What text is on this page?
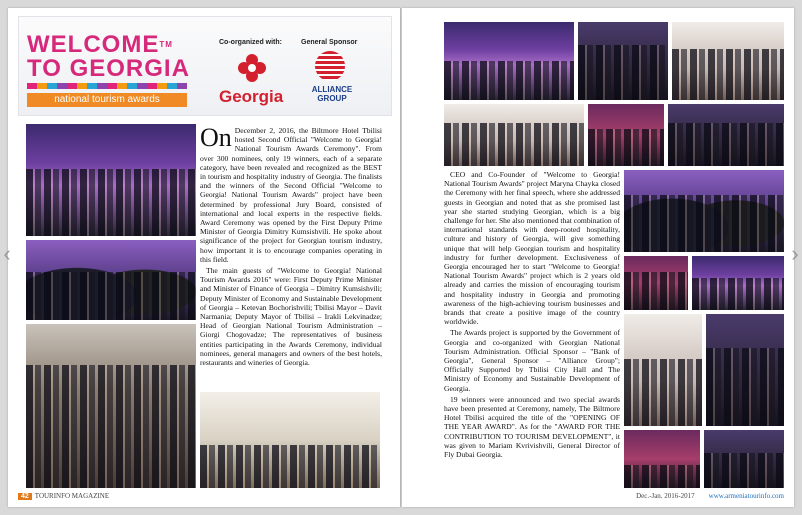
WELCOME™
TO GEORGIA
national tourism awards
Co-organized with:	General Sponsor
Georgia	ALLIANCE GROUP

On December 2, 2016, the Biltmore Hotel Tbilisi hosted Second Official "Welcome to Georgia! National Tourism Awards Ceremony". From over 300 nominees, only 19 winners, each of a separate category, have been revealed and recognized as the BEST in tourism and hospitality industry of Georgia. The finalists and the winners of the Second Official "Welcome to Georgia! National Tourism Awards" project have been determined by professional Jury Board, consisted of international and local experts in the respective fields. Award Ceremony was opened by the First Deputy Prime Minister of Georgia Dimitry Kumsishvili. He spoke about significance of the project for Georgian tourism industry, how important it is to encourage companies operating in this field.

The main guests of "Welcome to Georgia! National Tourism Awards 2016" were: First Deputy Prime Minister and Minister of Finance of Georgia – Dimitry Kumsishvili; Deputy Minister of Economy and Sustainable Development of Georgia – Ketevan Bochorishvili; Tbilisi Mayor – Davit Narmania; Deputy Mayor of Tbilisi – Irakli Lekvinadze; Head of Georgian National Tourism Administration – Giorgi Chogovadze; The representatives of business entities participating in the Awards Ceremony, individual nominees, general managers and owners of the best hotels, restaurants and wineries of Georgia.

42 TOURINFO MAGAZINE

CEO and Co-Founder of "Welcome to Georgia! National Tourism Awards" project Maryna Chayka closed the Ceremony with her final speech, where she addressed guests in Georgian and noted that as she promised last year she started studying Georgian, which is a big challenge for her. She also mentioned that combination of international standards with deep-rooted hospitality, culture and history of Georgia, will give something unique that will help Georgian tourism and hospitality industry for further development. Exclusiveness of Georgia encouraged her to start "Welcome to Georgia! National Tourism Awards" project which is 2 years old already and carries the mission of encouraging tourism and hospitality industry in Georgia and promoting awareness of the high-achieving tourism businesses and brands that create a positive image of the country worldwide.

The Awards project is supported by the Government of Georgia and co-organized with Georgian National Tourism Administration. Official Sponsor – "Bank of Georgia", General Sponsor – "Alliance Group"; Officially Supported by Tbilisi City Hall and The Ministry of Economy and Sustainable Development of Georgia.

19 winners were announced and two special awards have been presented at Ceremony, namely, The Biltmore Hotel Tbilisi acquired the title of the "OPENING OF THE YEAR AWARD". As for the "AWARD FOR THE CONTRIBUTION TO TOURISM DEVELOPMENT", it was given to Mariam Kvrivishvili, General Director of Fly Dubai Georgia.

Dec.-Jan. 2016-2017 www.armeniatourinfo.com
‹	›
